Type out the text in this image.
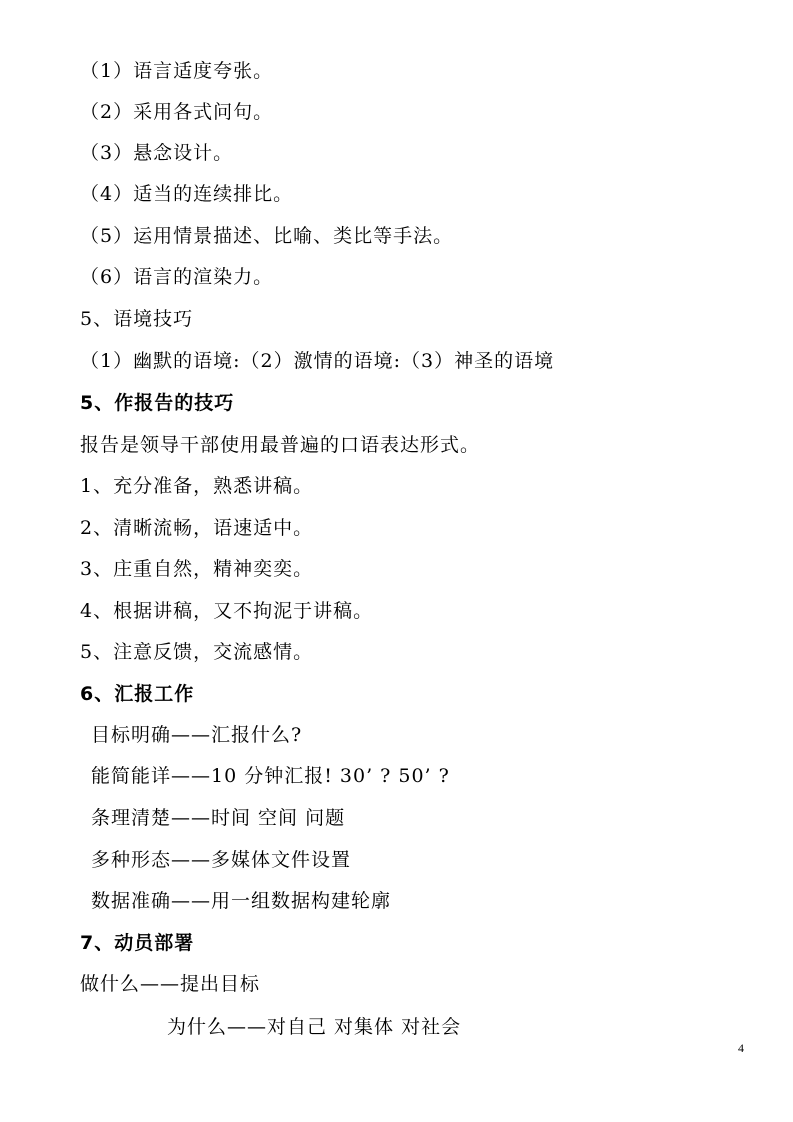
（1）语言适度夸张。
（2）采用各式问句。
（3）悬念设计。
（4）适当的连续排比。
（5）运用情景描述、比喻、类比等手法。
（6）语言的渲染力。
5、语境技巧
（1）幽默的语境:（2）激情的语境:（3）神圣的语境
5、作报告的技巧
报告是领导干部使用最普遍的口语表达形式。
1、充分准备，熟悉讲稿。
2、清晰流畅，语速适中。
3、庄重自然，精神奕奕。
4、根据讲稿，又不拘泥于讲稿。
5、注意反馈，交流感情。
6、汇报工作
目标明确——汇报什么?
能简能详——10 分钟汇报! 30’ ? 50’ ?
条理清楚——时间 空间 问题
多种形态——多媒体文件设置
数据准确——用一组数据构建轮廓
7、动员部署
做什么——提出目标
为什么——对自己 对集体 对社会
4
